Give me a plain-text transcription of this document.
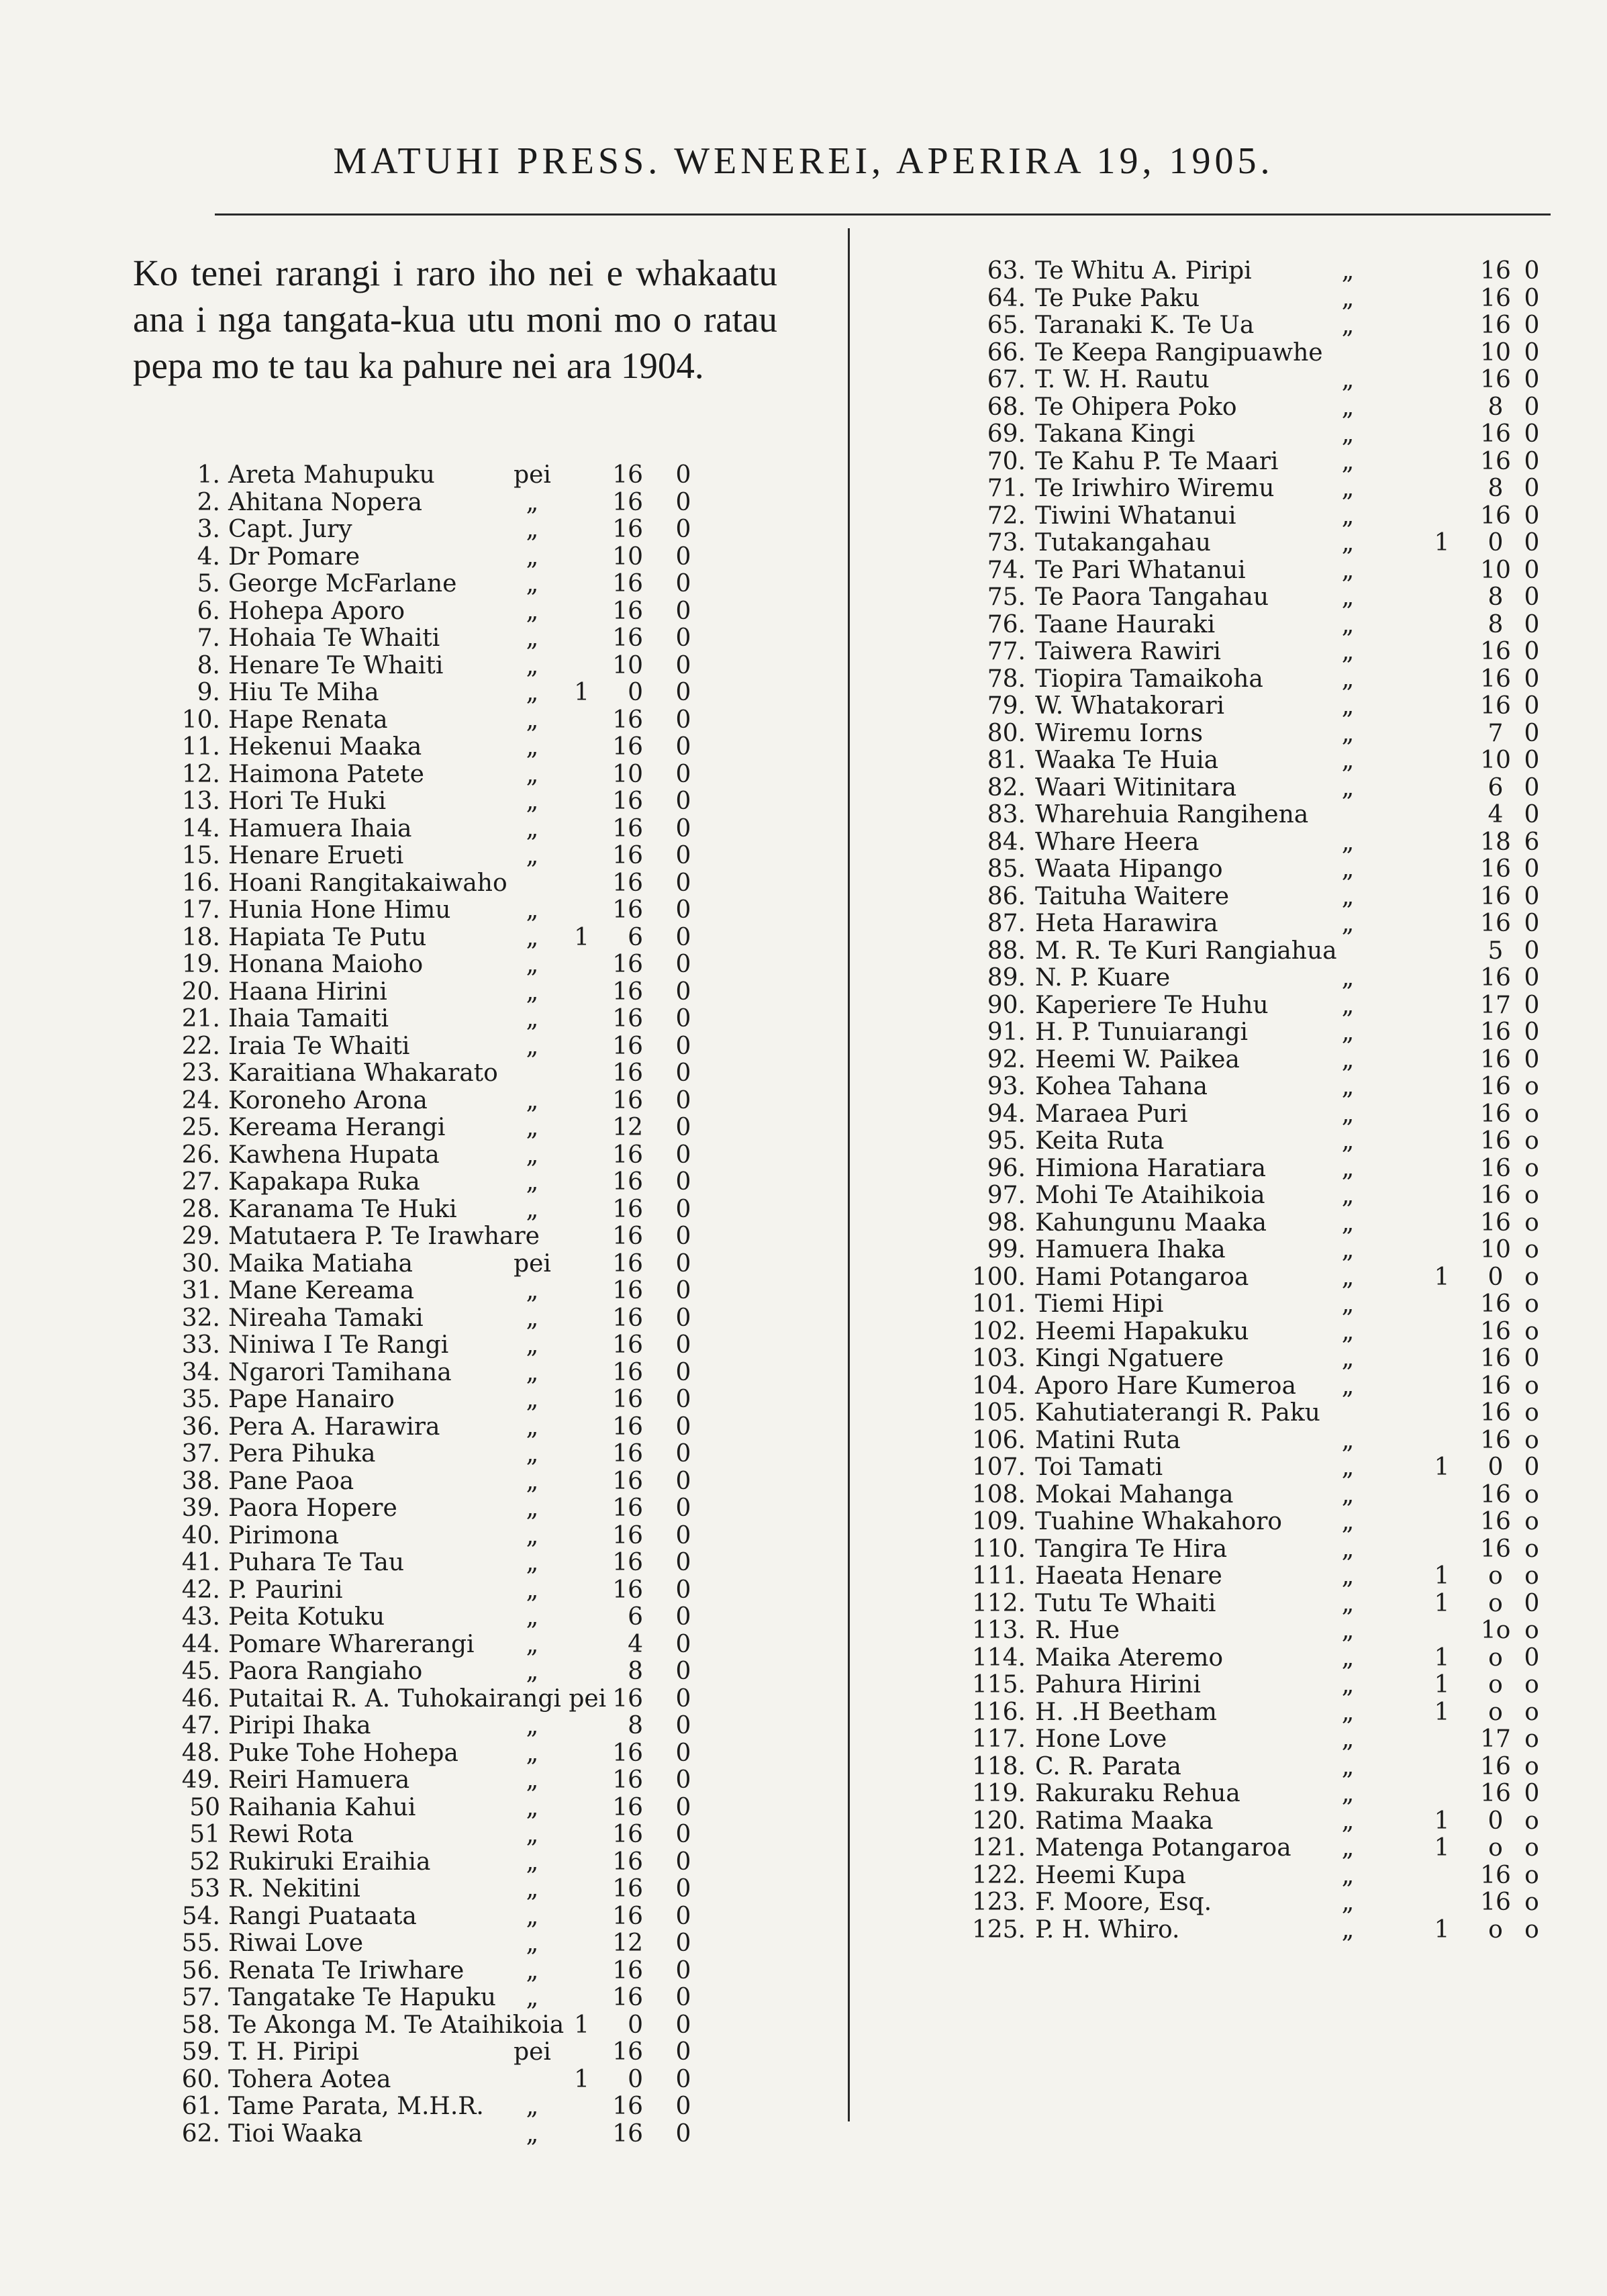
MATUHI PRESS. WENEREI, APERIRA 19, 1905.
Ko tenei rarangi i raro iho nei e whakaatu ana i nga tangata-kua utu moni mo o ratau pepa mo te tau ka pahure nei ara 1904.
1. Areta Mahupuku	pei	16 0
2. Ahitana Nopera	„	16 0
3. Capt. Jury	„	16 0
4. Dr Pomare	„	10 0
5. George McFarlane	„	16 0
6. Hohepa Aporo	„	16 0
7. Hohaia Te Whaiti	„	16 0
8. Henare Te Whaiti	„	10 0
9. Hiu Te Miha	„	1	0 0
10. Hape Renata	„	16 0
11. Hekenui Maaka	„	16 0
12. Haimona Patete	„	10 0
13. Hori Te Huki	„	16 0
14. Hamuera Ihaia	„	16 0
15. Henare Erueti	„	16 0
16. Hoani Rangitakaiwaho	16 0
17. Hunia Hone Himu	„	16 0
18. Hapiata Te Putu	„	1	6 0
19. Honana Maioho	„	16 0
20. Haana Hirini	„	16 0
21. Ihaia Tamaiti	„	16 0
22. Iraia Te Whaiti	„	16 0
23. Karaitiana Whakarato	16 0
24. Koroneho Arona	„	16 0
25. Kereama Herangi	„	12 0
26. Kawhena Hupata	„	16 0
27. Kapakapa Ruka	„	16 0
28. Karanama Te Huki	„	16 0
29. Matutaera P. Te Irawhare	16 0
30. Maika Matiaha	pei	16 0
31. Mane Kereama	„	16 0
32. Nireaha Tamaki	„	16 0
33. Niniwa I Te Rangi	„	16 0
34. Ngarori Tamihana	„	16 0
35. Pape Hanairo	„	16 0
36. Pera A. Harawira	„	16 0
37. Pera Pihuka	„	16 0
38. Pane Paoa	„	16 0
39. Paora Hopere	„	16 0
40. Pirimona	„	16 0
41. Puhara Te Tau	„	16 0
42. P. Paurini	„	16 0
43. Peita Kotuku	„	6 0
44. Pomare Wharerangi	„	4 0
45. Paora Rangiaho	„	8 0
46. Putaitai R. A. Tuhokairangi pei 16 0
47. Piripi Ihaka	„	8 0
48. Puke Tohe Hohepa	„	16 0
49. Reiri Hamuera	„	16 0
50 Raihania Kahui	„	16 0
51 Rewi Rota	„	16 0
52 Rukiruki Eraihia	„	16 0
53 R. Nekitini	„	16 0
54. Rangi Puataata	„	16 0
55. Riwai Love	„	12 0
56. Renata Te Iriwhare	„	16 0
57. Tangatake Te Hapuku	„	16 0
58. Te Akonga M. Te Ataihikoia 1	0 0
59. T. H. Piripi	pei	16 0
60. Tohera Aotea	1	0 0
61. Tame Parata, M.H.R.	„	16 0
62. Tioi Waaka	„	16 0
63. Te Whitu A. Piripi	„	16 0
64. Te Puke Paku	„	16 0
65. Taranaki K. Te Ua	„	16 0
66. Te Keepa Rangipuawhe	10 0
67. T. W. H. Rautu	„	16 0
68. Te Ohipera Poko	„	8 0
69. Takana Kingi	„	16 0
70. Te Kahu P. Te Maari	„	16 0
71. Te Iriwhiro Wiremu	„	8 0
72. Tiwini Whatanui	„	16 0
73. Tutakangahau	„	1	0 0
74. Te Pari Whatanui	„	10 0
75. Te Paora Tangahau	„	8 0
76. Taane Hauraki	„	8 0
77. Taiwera Rawiri	„	16 0
78. Tiopira Tamaikoha	„	16 0
79. W. Whatakorari	„	16 0
80. Wiremu Iorns	„	7 0
81. Waaka Te Huia	„	10 0
82. Waari Witinitara	„	6 0
83. Wharehuia Rangihena	4 0
84. Whare Heera	„	18 6
85. Waata Hipango	„	16 0
86. Taituha Waitere	„	16 0
87. Heta Harawira	„	16 0
88. M. R. Te Kuri Rangiahua	5 0
89. N. P. Kuare	„	16 0
90. Kaperiere Te Huhu	„	17 0
91. H. P. Tunuiarangi	„	16 0
92. Heemi W. Paikea	„	16 0
93. Kohea Tahana	„	16 o
94. Maraea Puri	„	16 o
95. Keita Ruta	„	16 o
96. Himiona Haratiara	„	16 o
97. Mohi Te Ataihikoia	„	16 o
98. Kahungunu Maaka	„	16 o
99. Hamuera Ihaka	„	10 o
100. Hami Potangaroa	„	1	0 o
101. Tiemi Hipi	„	16 o
102. Heemi Hapakuku	„	16 o
103. Kingi Ngatuere	„	16 0
104. Aporo Hare Kumeroa	„	16 o
105. Kahutiaterangi R. Paku	16 o
106. Matini Ruta	„	16 o
107. Toi Tamati	„	1	0 0
108. Mokai Mahanga	„	16 o
109. Tuahine Whakahoro	„	16 o
110. Tangira Te Hira	„	16 o
111. Haeata Henare	„	1	o o
112. Tutu Te Whaiti	„	1	o 0
113. R. Hue	„	1o o
114. Maika Ateremo	„	1	o 0
115. Pahura Hirini	„	1	o o
116. H. .H Beetham	„	1	o o
117. Hone Love	„	17 o
118. C. R. Parata	„	16 o
119. Rakuraku Rehua	„	16 0
120. Ratima Maaka	„	1	0 o
121. Matenga Potangaroa	„	1	o o
122. Heemi Kupa	„	16 o
123. F. Moore, Esq.	„	16 o
125. P. H. Whiro.	„	1	o o
